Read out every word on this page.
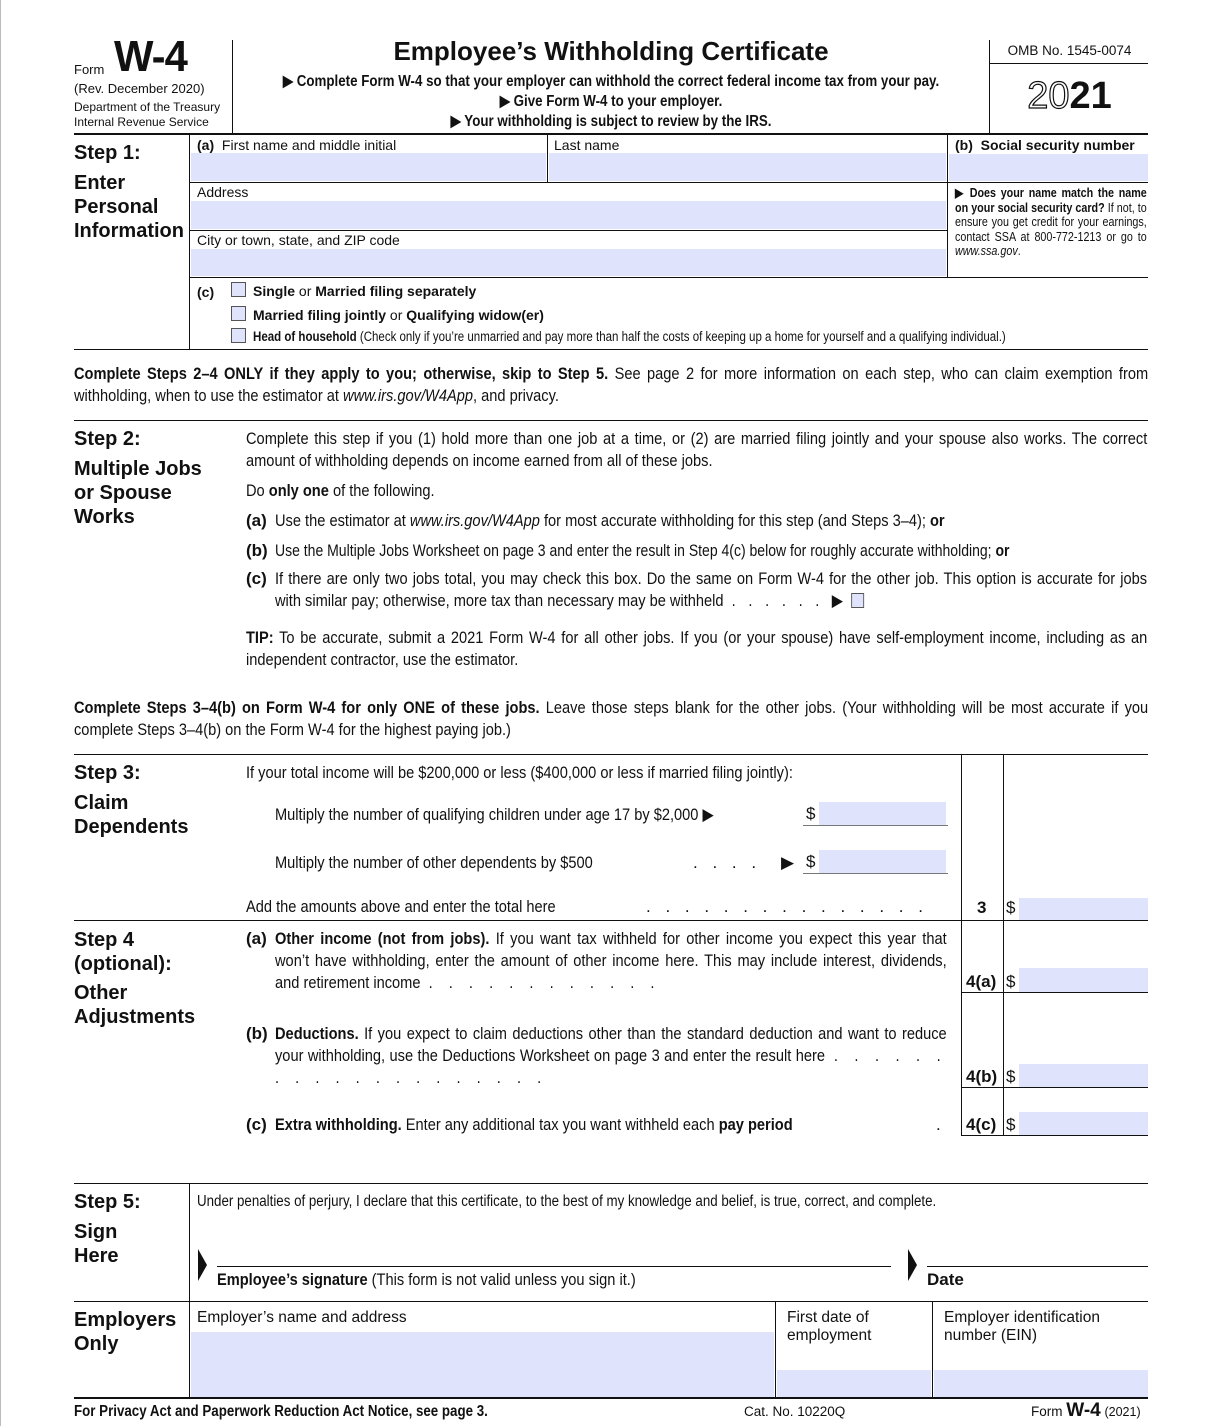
Form W-4
(Rev. December 2020)
Department of the Treasury
Internal Revenue Service
Employee’s Withholding Certificate
▶ Complete Form W-4 so that your employer can withhold the correct federal income tax from your pay.
▶ Give Form W-4 to your employer.
▶ Your withholding is subject to review by the IRS.
OMB No. 1545-0074
2021
Step 1:
Enter
Personal
Information
(a) First name and middle initial	Last name
Address
City or town, state, and ZIP code
(b) Social security number
▶ Does your name match the name on your social security card? If not, to ensure you get credit for your earnings, contact SSA at 800-772-1213 or go to www.ssa.gov.
(c)	Single or Married filing separately
Married filing jointly or Qualifying widow(er)
Head of household (Check only if you’re unmarried and pay more than half the costs of keeping up a home for yourself and a qualifying individual.)
Complete Steps 2–4 ONLY if they apply to you; otherwise, skip to Step 5. See page 2 for more information on each step, who can claim exemption from withholding, when to use the estimator at www.irs.gov/W4App, and privacy.
Step 2:
Multiple Jobs
or Spouse
Works
Complete this step if you (1) hold more than one job at a time, or (2) are married filing jointly and your spouse also works. The correct amount of withholding depends on income earned from all of these jobs.
Do only one of the following.
(a) Use the estimator at www.irs.gov/W4App for most accurate withholding for this step (and Steps 3–4); or
(b) Use the Multiple Jobs Worksheet on page 3 and enter the result in Step 4(c) below for roughly accurate withholding; or
(c) If there are only two jobs total, you may check this box. Do the same on Form W-4 for the other job. This option is accurate for jobs with similar pay; otherwise, more tax than necessary may be withheld . . . . . . ▶
TIP: To be accurate, submit a 2021 Form W-4 for all other jobs. If you (or your spouse) have self-employment income, including as an independent contractor, use the estimator.
Complete Steps 3–4(b) on Form W-4 for only ONE of these jobs. Leave those steps blank for the other jobs. (Your withholding will be most accurate if you complete Steps 3–4(b) on the Form W-4 for the highest paying job.)
Step 3:
Claim
Dependents
If your total income will be $200,000 or less ($400,000 or less if married filing jointly):
Multiply the number of qualifying children under age 17 by $2,000 ▶	$
Multiply the number of other dependents by $500	. . . . ▶ $
Add the amounts above and enter the total here	. . . . . . . . . . . . . . .	3 $
Step 4
(optional):
Other
Adjustments
(a) Other income (not from jobs). If you want tax withheld for other income you expect this year that won’t have withholding, enter the amount of other income here. This may include interest, dividends, and retirement income . . . . . . . . . . . .	4(a) $
(b) Deductions. If you expect to claim deductions other than the standard deduction and want to reduce your withholding, use the Deductions Worksheet on page 3 and enter the result here . . . . . . . . . . . . . . . . . . . .	4(b) $
(c) Extra withholding. Enter any additional tax you want withheld each pay period	. 4(c) $
Step 5:
Sign
Here
Under penalties of perjury, I declare that this certificate, to the best of my knowledge and belief, is true, correct, and complete.
Employee’s signature (This form is not valid unless you sign it.)	Date
Employers
Only
Employer’s name and address	First date of
employment
Employer identification
number (EIN)
For Privacy Act and Paperwork Reduction Act Notice, see page 3.	Cat. No. 10220Q	Form W-4 (2021)
